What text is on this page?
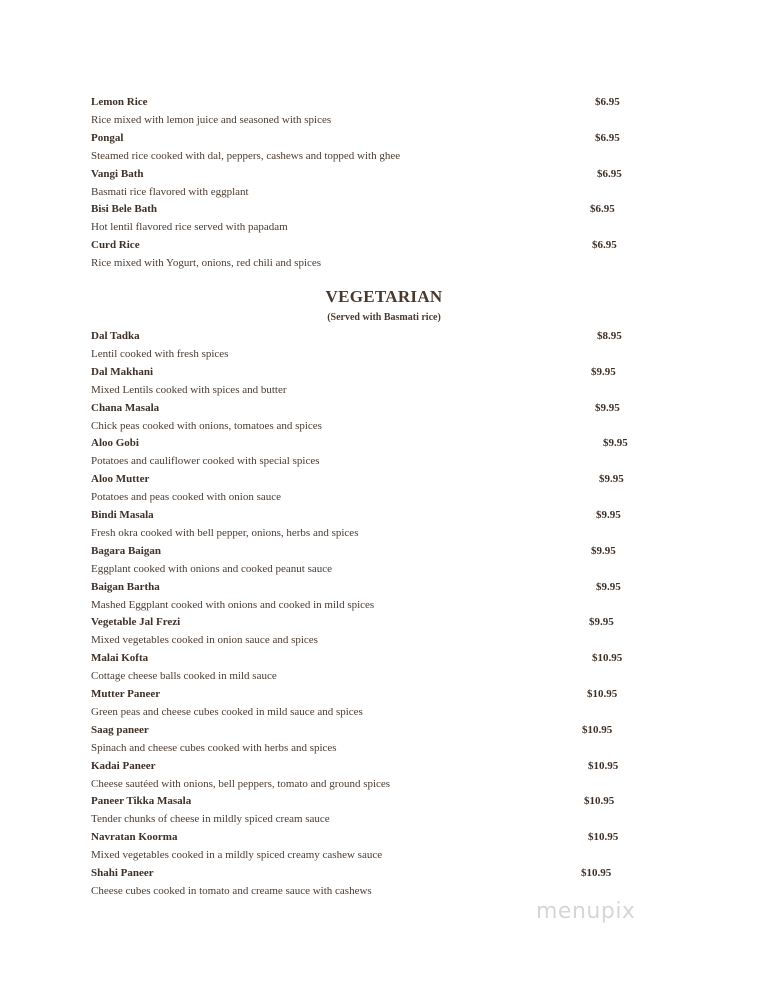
Lemon Rice	$6.95
Rice mixed with lemon juice and seasoned with spices
Pongal	$6.95
Steamed rice cooked with dal, peppers, cashews and topped with ghee
Vangi Bath	$6.95
Basmati rice flavored with eggplant
Bisi Bele Bath	$6.95
Hot lentil flavored rice served with papadam
Curd Rice	$6.95
Rice mixed with Yogurt, onions, red chili and spices
VEGETARIAN
(Served with Basmati rice)
Dal Tadka	$8.95
Lentil cooked with fresh spices
Dal Makhani	$9.95
Mixed Lentils cooked with spices and butter
Chana Masala	$9.95
Chick peas cooked with onions, tomatoes and spices
Aloo Gobi	$9.95
Potatoes and cauliflower cooked with special spices
Aloo Mutter	$9.95
Potatoes and peas cooked with onion sauce
Bindi Masala	$9.95
Fresh okra cooked with bell pepper, onions, herbs and spices
Bagara Baigan	$9.95
Eggplant cooked with onions and cooked peanut sauce
Baigan Bartha	$9.95
Mashed Eggplant cooked with onions and cooked in mild spices
Vegetable Jal Frezi	$9.95
Mixed vegetables cooked in onion sauce and spices
Malai Kofta	$10.95
Cottage cheese balls cooked in mild sauce
Mutter Paneer	$10.95
Green peas and cheese cubes cooked in mild sauce and spices
Saag paneer	$10.95
Spinach and cheese cubes cooked with herbs and spices
Kadai Paneer	$10.95
Cheese sautéed with onions, bell peppers, tomato and ground spices
Paneer Tikka Masala	$10.95
Tender chunks of cheese in mildly spiced cream sauce
Navratan Koorma	$10.95
Mixed vegetables cooked in a mildly spiced creamy cashew sauce
Shahi Paneer	$10.95
Cheese cubes cooked in tomato and creame sauce with cashews
menupix
